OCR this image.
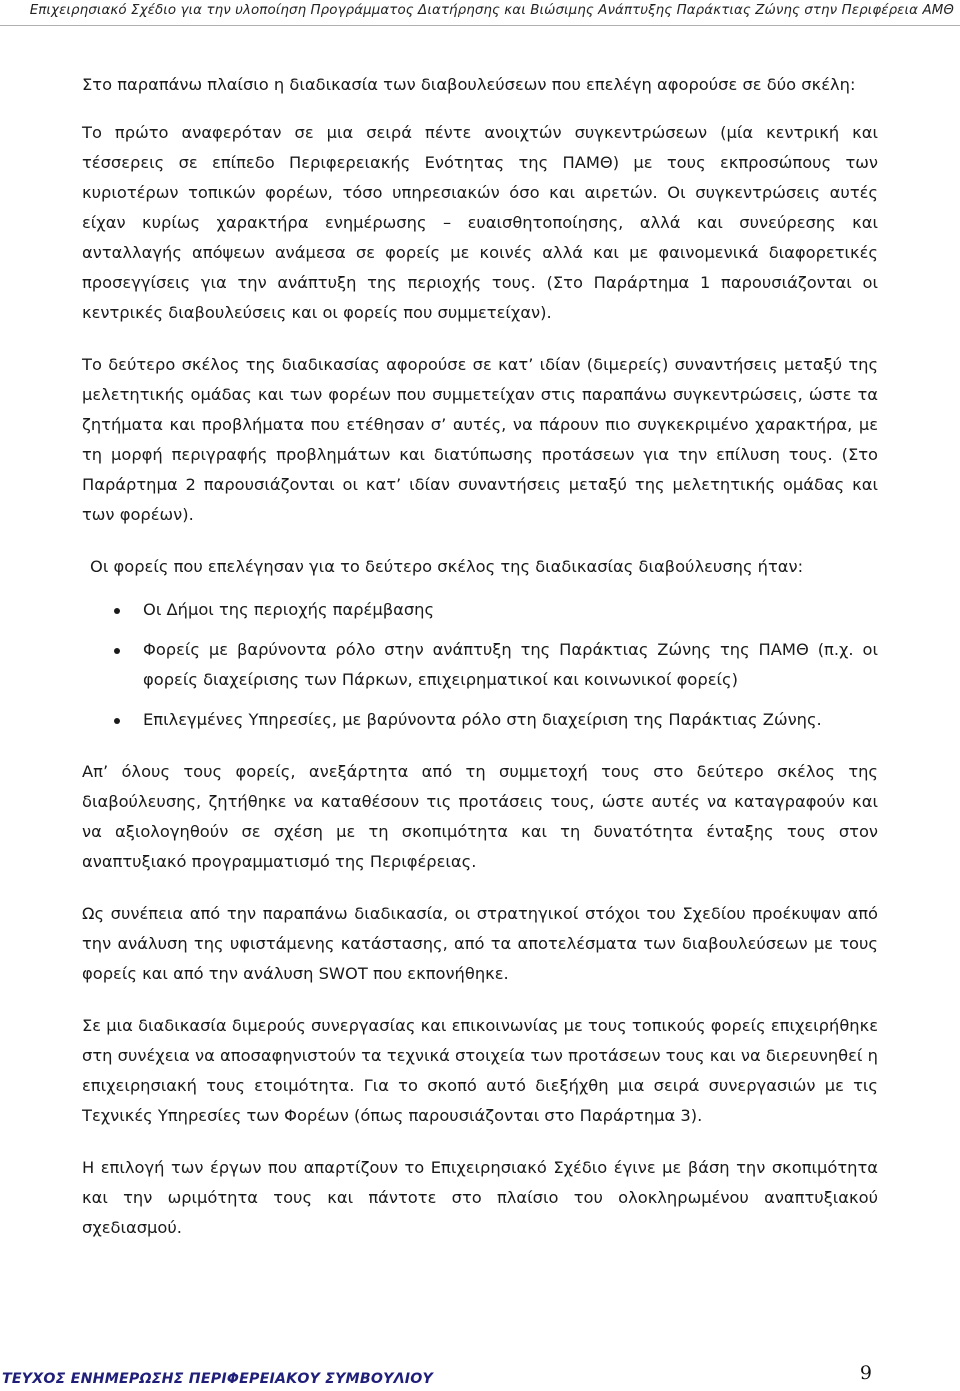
Επιχειρησιακό Σχέδιο για την υλοποίηση Προγράμματος Διατήρησης και Βιώσιμης Ανάπτυξης Παράκτιας Ζώνης στην Περιφέρεια ΑΜΘ

Στο παραπάνω πλαίσιο η διαδικασία των διαβουλεύσεων που επελέγη αφορούσε σε δύο σκέλη:

Το πρώτο αναφερόταν σε μια σειρά πέντε ανοιχτών συγκεντρώσεων (μία κεντρική και τέσσερεις σε επίπεδο Περιφερειακής Ενότητας της ΠΑΜΘ) με τους εκπροσώπους των κυριοτέρων τοπικών φορέων, τόσο υπηρεσιακών όσο και αιρετών. Οι συγκεντρώσεις αυτές είχαν κυρίως χαρακτήρα ενημέρωσης – ευαισθητοποίησης, αλλά και συνεύρεσης και ανταλλαγής απόψεων ανάμεσα σε φορείς με κοινές αλλά και με φαινομενικά διαφορετικές προσεγγίσεις για την ανάπτυξη της περιοχής τους. (Στο Παράρτημα 1 παρουσιάζονται οι κεντρικές διαβουλεύσεις και οι φορείς που συμμετείχαν).

Το δεύτερο σκέλος της διαδικασίας αφορούσε σε κατ’ ιδίαν (διμερείς) συναντήσεις μεταξύ της μελετητικής ομάδας και των φορέων που συμμετείχαν στις παραπάνω συγκεντρώσεις, ώστε τα ζητήματα και προβλήματα που ετέθησαν σ’ αυτές, να πάρουν πιο συγκεκριμένο χαρακτήρα, με τη μορφή περιγραφής προβλημάτων και διατύπωσης προτάσεων για την επίλυση τους. (Στο Παράρτημα 2 παρουσιάζονται οι κατ’ ιδίαν συναντήσεις μεταξύ της μελετητικής ομάδας και των φορέων).

Οι φορείς που επελέγησαν για το δεύτερο σκέλος της διαδικασίας διαβούλευσης ήταν:

Οι Δήμοι της περιοχής παρέμβασης
Φορείς με βαρύνοντα ρόλο στην ανάπτυξη της Παράκτιας Ζώνης της ΠΑΜΘ (π.χ. οι φορείς διαχείρισης των Πάρκων, επιχειρηματικοί και κοινωνικοί φορείς)
Επιλεγμένες Υπηρεσίες, με βαρύνοντα ρόλο στη διαχείριση της Παράκτιας Ζώνης.

Απ’ όλους τους φορείς, ανεξάρτητα από τη συμμετοχή τους στο δεύτερο σκέλος της διαβούλευσης, ζητήθηκε να καταθέσουν τις προτάσεις τους, ώστε αυτές να καταγραφούν και να αξιολογηθούν σε σχέση με τη σκοπιμότητα και τη δυνατότητα ένταξης τους στον αναπτυξιακό προγραμματισμό της Περιφέρειας.

Ως συνέπεια από την παραπάνω διαδικασία, οι στρατηγικοί στόχοι του Σχεδίου προέκυψαν από την ανάλυση της υφιστάμενης κατάστασης, από τα αποτελέσματα των διαβουλεύσεων με τους φορείς και από την ανάλυση SWOT που εκπονήθηκε.

Σε μια διαδικασία διμερούς συνεργασίας και επικοινωνίας με τους τοπικούς φορείς επιχειρήθηκε στη συνέχεια να αποσαφηνιστούν τα τεχνικά στοιχεία των προτάσεων τους και να διερευνηθεί η επιχειρησιακή τους ετοιμότητα. Για το σκοπό αυτό διεξήχθη μια σειρά συνεργασιών με τις Τεχνικές Υπηρεσίες των Φορέων (όπως παρουσιάζονται στο Παράρτημα 3).

Η επιλογή των έργων που απαρτίζουν το Επιχειρησιακό Σχέδιο έγινε με βάση την σκοπιμότητα και την ωριμότητα τους και πάντοτε στο πλαίσιο του ολοκληρωμένου αναπτυξιακού σχεδιασμού.

ΤΕΥΧΟΣ ΕΝΗΜΕΡΩΣΗΣ ΠΕΡΙΦΕΡΕΙΑΚΟΥ ΣΥΜΒΟΥΛΙΟΥ	9
